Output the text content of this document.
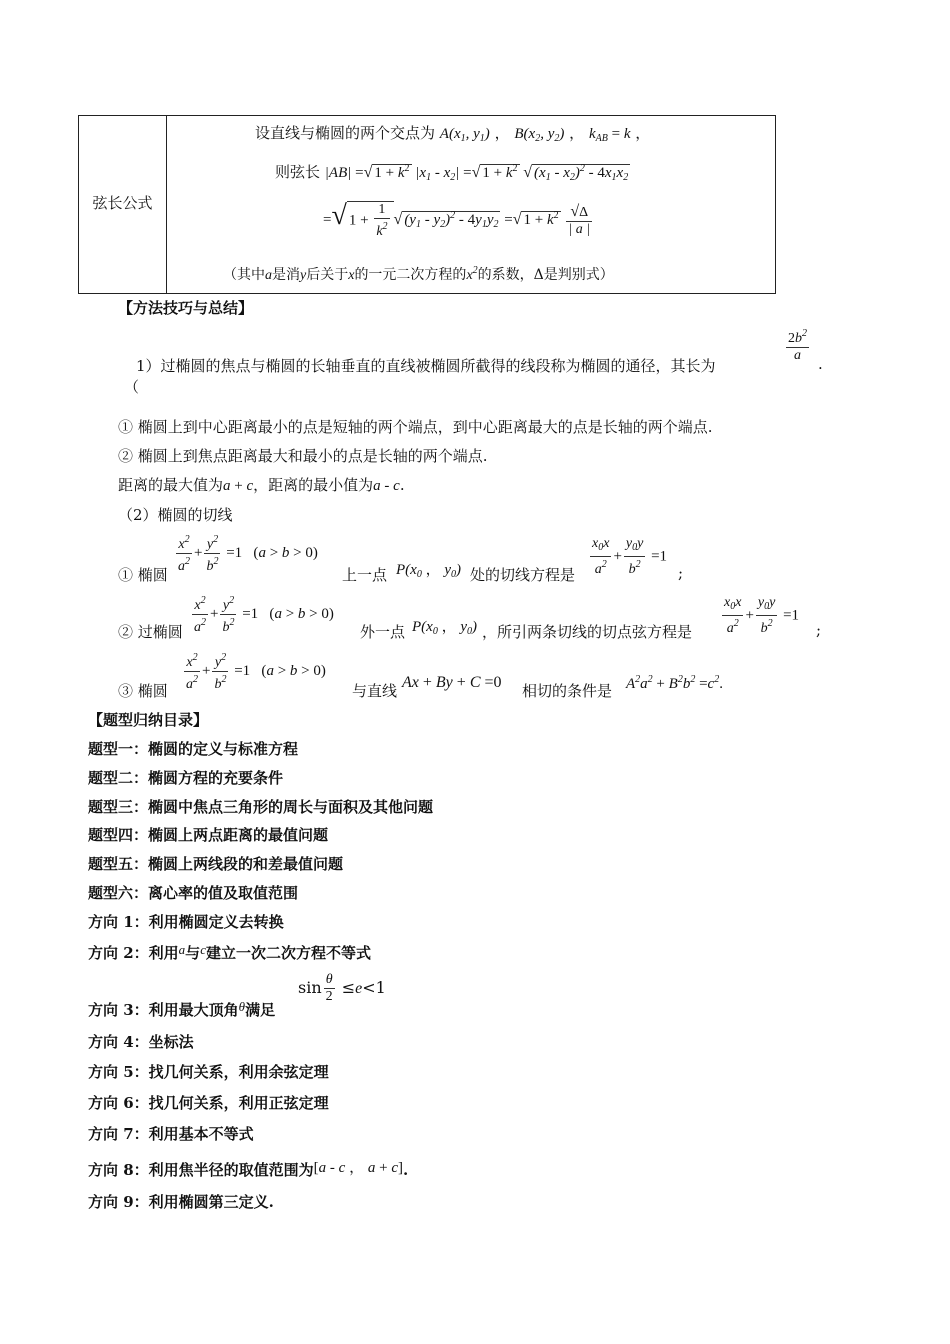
弦长公式
设直线与椭圆的两个交点为 $A(x_1$, $y_1$) ， $B(x_2$, $y_2$) ， $k_{AB} = k$ ，
则弦长 |AB| =√ $1 + k^2$ $|x_1 - x_2|$ =√ $1 + k^2$ √ $(x_1 - x_2)^2 - 4x_1x_2$
=√ $1 + \frac{1}{k^2}$ √ $(y_1 - y_2)^2 - 4y_1y_2$ =√ $1 + k^2 \frac{√\Delta}{| a |}$
（其中a是消y后关于x的一元二次方程的$x^2$的系数，Δ是判别式）
【方法技巧与总结】
$\frac{2b^2}{a}$
1）过椭圆的焦点与椭圆的长轴垂直的直线被椭圆所截得的线段称为椭圆的通径，其长为	.
（
① 椭圆上到中心距离最小的点是短轴的两个端点，到中心距离最大的点是长轴的两个端点.
② 椭圆上到焦点距离最大和最小的点是长轴的两个端点.
距离的最大值为a + c，距离的最小值为a - c.
（2）椭圆的切线
① 椭圆 $\frac{x^2}{a^2} + \frac{y^2}{b^2} =1$   (a > b > 0)
上一点 $P(x_0$ ， $y_0$) 处的切线方程是 $\frac{x_0x}{a^2} + \frac{y_0y}{b^2} =1$
;
② 过椭圆 $\frac{x^2}{a^2} + \frac{y^2}{b^2} =1$   (a > b > 0)
外一点 $P(x_0$ ， $y_0$) ，所引两条切线的切点弦方程是 $\frac{x_0x}{a^2} + \frac{y_0y}{b^2} =1$
;
③ 椭圆 $\frac{x^2}{a^2} + \frac{y^2}{b^2} =1$   (a > b > 0)
与直线 Ax + By + C =0 相切的条件是 $A^2a^2 + B^2b^2 =c^2$.
【题型归纳目录】
题型一：椭圆的定义与标准方程
题型二：椭圆方程的充要条件
题型三：椭圆中焦点三角形的周长与面积及其他问题
题型四：椭圆上两点距离的最值问题
题型五：椭圆上两线段的和差最值问题
题型六：离心率的值及取值范围
方向 1：利用椭圆定义去转换
方向 2：利用a与c建立一次二次方程不等式
$\sin \frac{\theta}{2} \le e<1$
方向 3：利用最大顶角θ满足
方向 4：坐标法
方向 5：找几何关系，利用余弦定理
方向 6：找几何关系，利用正弦定理
方向 7：利用基本不等式
方向 8：利用焦半径的取值范围为[a - c ， a + c].
方向 9：利用椭圆第三定义.
